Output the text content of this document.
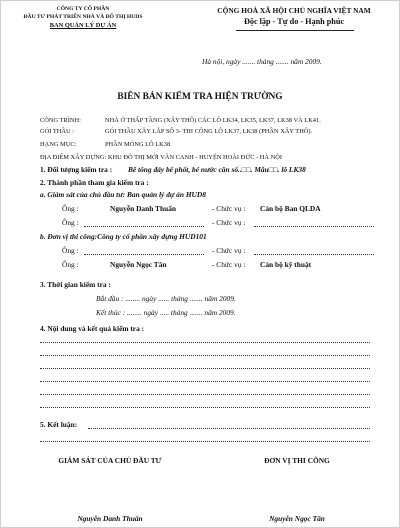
CÔNG TY CỔ PHẦN
ĐẦU TƯ PHÁT TRIỂN NHÀ VÀ ĐÔ THỊ HUDS
BAN QUẢN LÝ DỰ ÁN
CỘNG HOÀ XÃ HỘI CHỦ NGHĨA VIỆT NAM
Độc lập - Tự do - Hạnh phúc
Hà nội, ngày ....... tháng ....... năm 2009.
BIÊN BẢN KIỂM TRA HIỆN TRƯỜNG
CÔNG TRÌNH:	NHÀ Ở THẤP TẦNG (XÂY THÔ) CÁC LÔ LK34, LK35, LK37, LK38 VÀ LK41.
GÓI THẦU :	GÓI THẦU XÂY LẮP SỐ 3- THI CÔNG LÔ LK37, LK38 (PHẦN XÂY THÔ).
HẠNG MỤC:	PHẦN MÓNG LÔ LK38
ĐỊA ĐIỂM XÂY DỰNG: KHU ĐÔ THỊ MỚI VÂN CANH - HUYỆN HOÀI ĐỨC - HÀ NỘI
1. Đối tượng kiểm tra : Bê tông đáy bể phốt, bể nước căn số..□□. Mẫu□□. lô LK38
2. Thành phần tham gia kiểm tra :
a. Giám sát của chủ đầu tư: Ban quản lý dự án HUD8
Ông :	Nguyễn Danh Thuấn	- Chức vụ : Cán bộ Ban QLDA
Ông :	- Chức vụ :
b. Đơn vị thi công:Công ty cổ phần xây dựng HUD101
Ông :	- Chức vụ :
Ông :	Nguyễn Ngọc Tân	- Chức vụ : Cán bộ kỹ thuật
3. Thời gian kiểm tra :
Bắt đầu : ........ ngày ...... tháng ....... năm 2009.
Kết thúc : ........ ngày ..... tháng ....... năm 2009.
4. Nội dung và kết quả kiểm tra :
5. Kết luận:
GIÁM SÁT CỦA CHỦ ĐẦU TƯ	ĐƠN VỊ THI CÔNG
Nguyễn Danh Thuấn	Nguyễn Ngọc Tân
